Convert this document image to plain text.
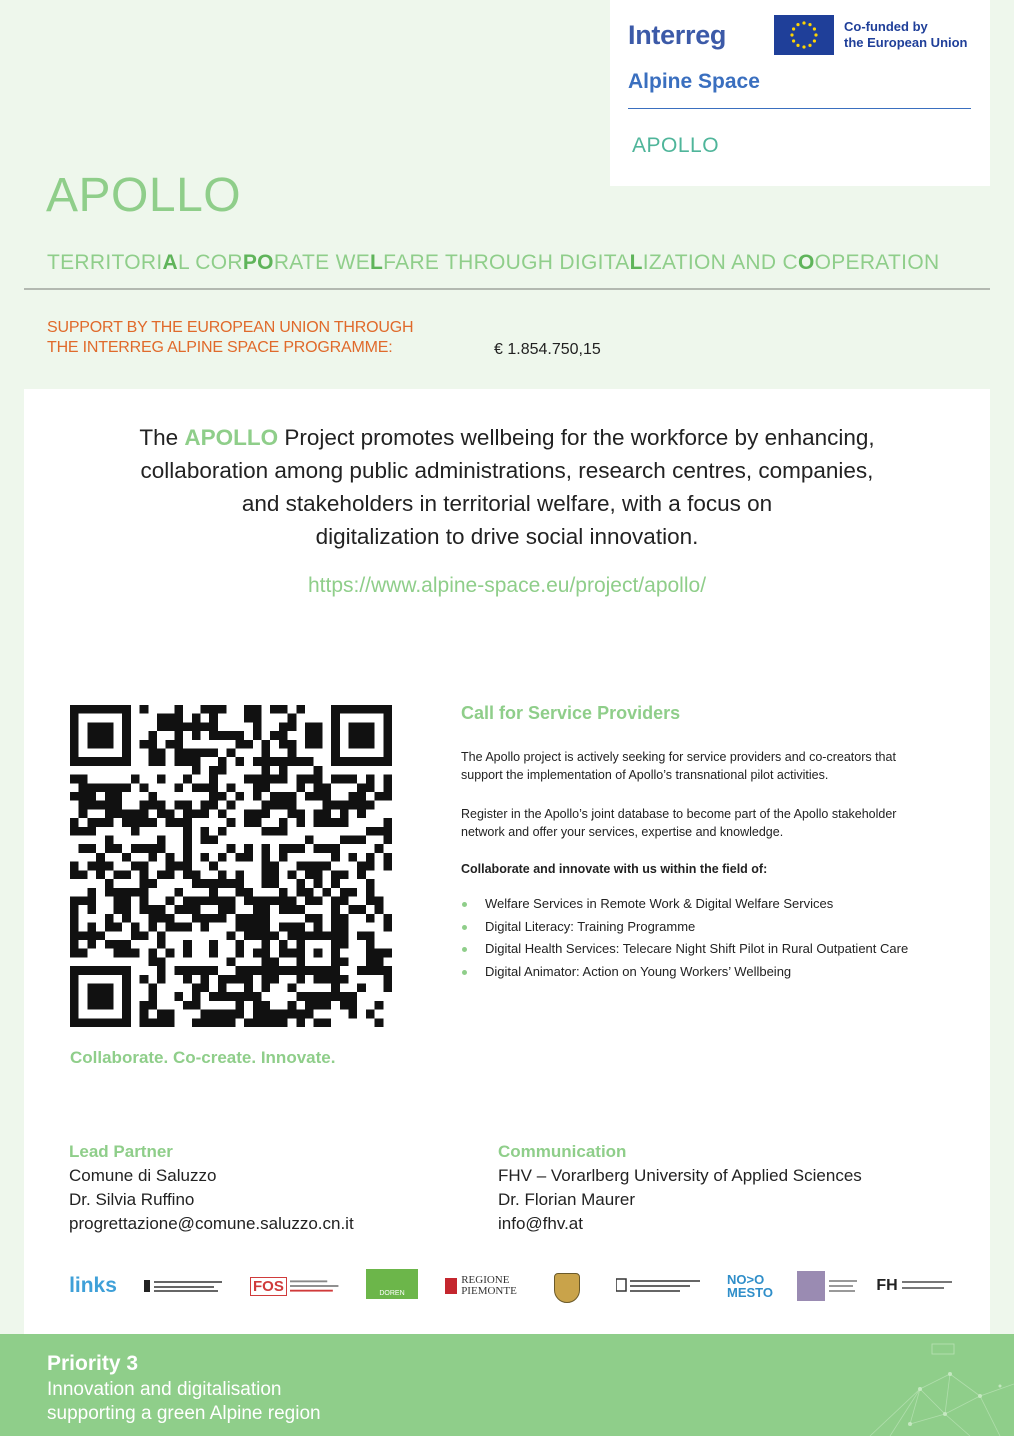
Interreg	Co-funded by
the European Union
Alpine Space
APOLLO
APOLLO
TERRITORIAL CORPORATE WELFARE THROUGH DIGITALIZATION AND COOPERATION
SUPPORT BY THE EUROPEAN UNION THROUGH
THE INTERREG ALPINE SPACE PROGRAMME:	€ 1.854.750,15
The APOLLO Project promotes wellbeing for the workforce by enhancing,
collaboration among public administrations, research centres, companies,
and stakeholders in territorial welfare, with a focus on
digitalization to drive social innovation.
https://www.alpine-space.eu/project/apollo/
Collaborate. Co-create. Innovate.
Call for Service Providers
The Apollo project is actively seeking for service providers and co-creators that
support the implementation of Apollo’s transnational pilot activities.
Register in the Apollo’s joint database to become part of the Apollo stakeholder
network and offer your services, expertise and knowledge.
Collaborate and innovate with us within the field of:
Welfare Services in Remote Work & Digital Welfare Services
Digital Literacy: Training Programme
Digital Health Services: Telecare Night Shift Pilot in Rural Outpatient Care
Digital Animator: Action on Young Workers’ Wellbeing
Lead Partner
Comune di Saluzzo
Dr. Silvia Ruffino
progrettazione@comune.saluzzo.cn.it
Communication
FHV – Vorarlberg University of Applied Sciences
Dr. Florian Maurer
info@fhv.at
links	FOS	DOREN
REGIONE
PIEMONTE
NO>O
MESTO	FH
Priority 3
Innovation and digitalisation
supporting a green Alpine region
